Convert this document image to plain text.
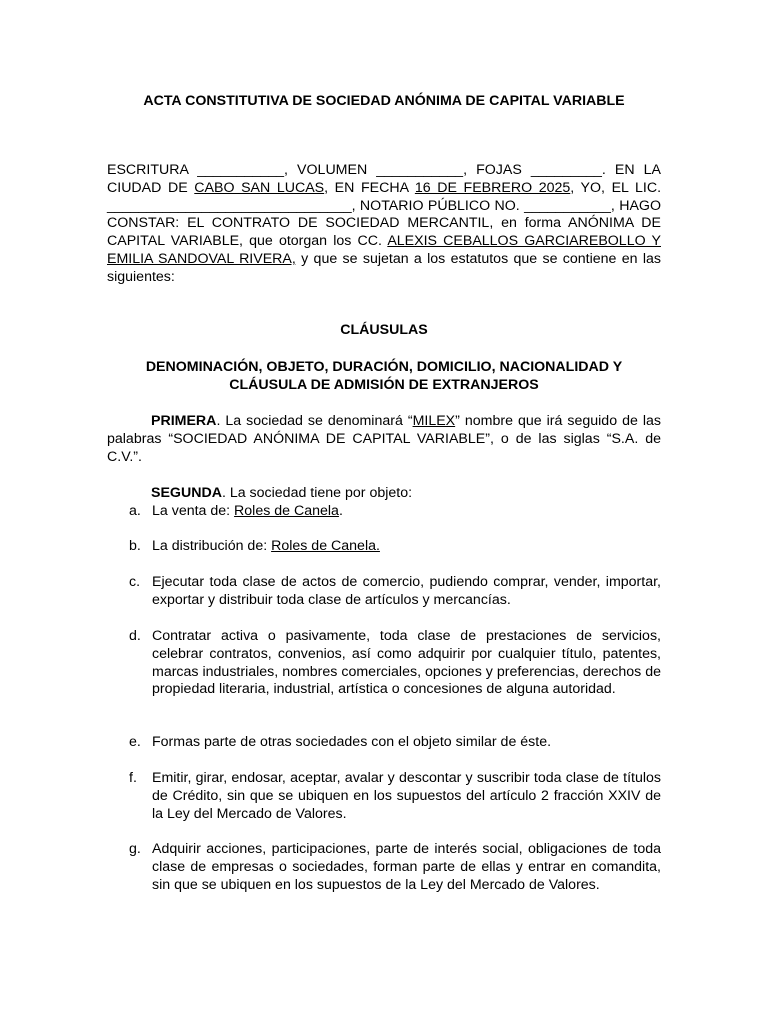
ACTA CONSTITUTIVA DE SOCIEDAD ANÓNIMA DE CAPITAL VARIABLE

ESCRITURA ___________, VOLUMEN ___________, FOJAS _________. EN LA CIUDAD DE CABO SAN LUCAS, EN FECHA 16 DE FEBRERO 2025, YO, EL LIC. _______________________________, NOTARIO PÚBLICO NO. ___________, HAGO CONSTAR: EL CONTRATO DE SOCIEDAD MERCANTIL, en forma ANÓNIMA DE CAPITAL VARIABLE, que otorgan los CC. ALEXIS CEBALLOS GARCIAREBOLLO Y EMILIA SANDOVAL RIVERA, y que se sujetan a los estatutos que se contiene en las siguientes:

CLÁUSULAS

DENOMINACIÓN, OBJETO, DURACIÓN, DOMICILIO, NACIONALIDAD Y

CLÁUSULA DE ADMISIÓN DE EXTRANJEROS

PRIMERA. La sociedad se denominará “MILEX” nombre que irá seguido de las palabras “SOCIEDAD ANÓNIMA DE CAPITAL VARIABLE”, o de las siglas “S.A. de C.V.”.

SEGUNDA. La sociedad tiene por objeto:

a. La venta de: Roles de Canela.
b. La distribución de: Roles de Canela.
c. Ejecutar toda clase de actos de comercio, pudiendo comprar, vender, importar, exportar y distribuir toda clase de artículos y mercancías.
d. Contratar activa o pasivamente, toda clase de prestaciones de servicios, celebrar contratos, convenios, así como adquirir por cualquier título, patentes, marcas industriales, nombres comerciales, opciones y preferencias, derechos de propiedad literaria, industrial, artística o concesiones de alguna autoridad.
e. Formas parte de otras sociedades con el objeto similar de éste.
f.	Emitir, girar, endosar, aceptar, avalar y descontar y suscribir toda clase de títulos de Crédito, sin que se ubiquen en los supuestos del artículo 2 fracción XXIV de la Ley del Mercado de Valores.
g. Adquirir acciones, participaciones, parte de interés social, obligaciones de toda clase de empresas o sociedades, forman parte de ellas y entrar en comandita, sin que se ubiquen en los supuestos de la Ley del Mercado de Valores.
